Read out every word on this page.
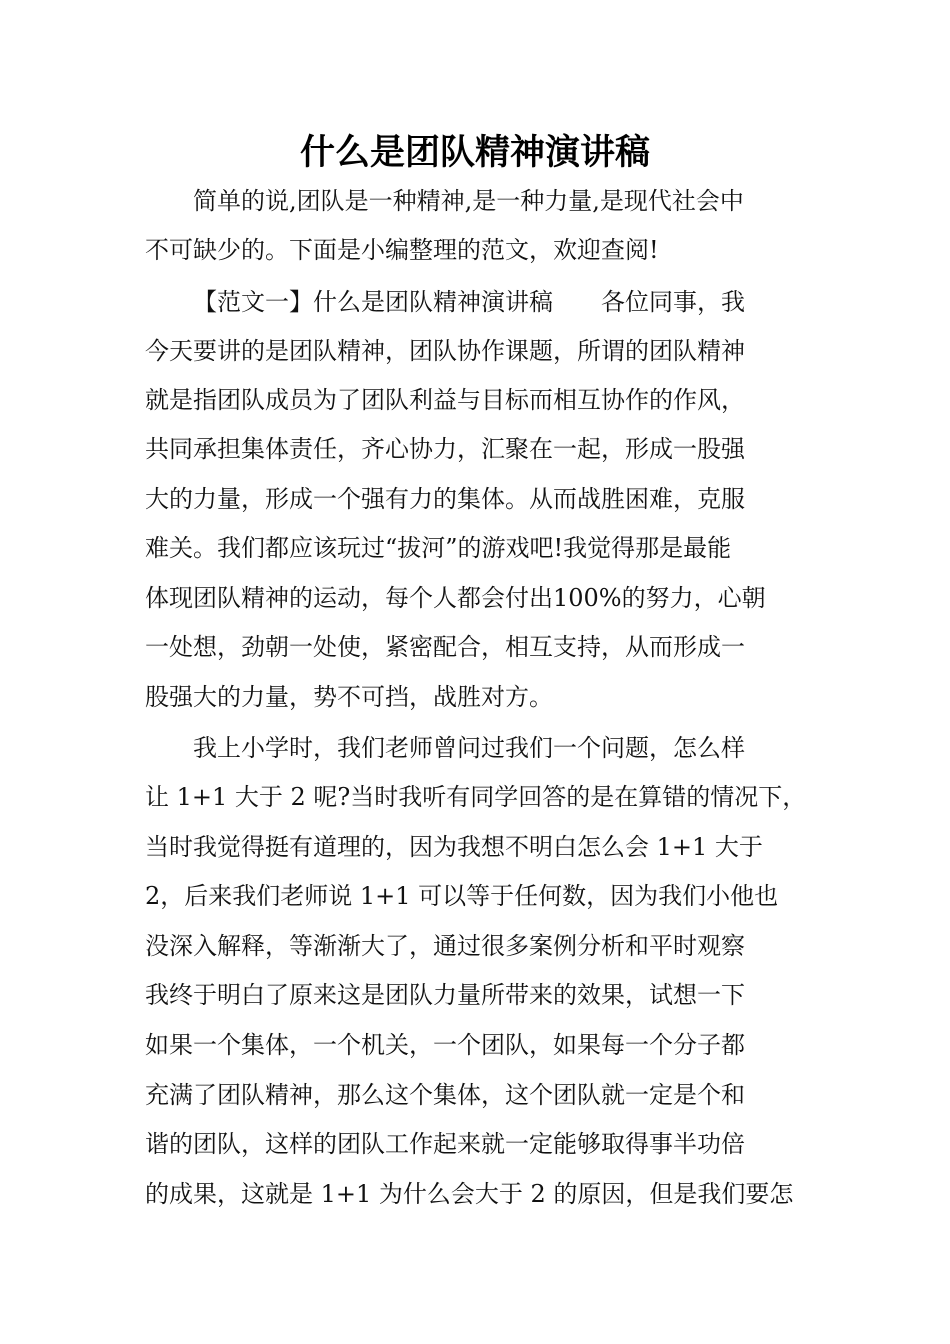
什么是团队精神演讲稿
简单的说,团队是一种精神,是一种力量,是现代社会中
不可缺少的。下面是小编整理的范文，欢迎查阅!
【范文一】什么是团队精神演讲稿　　各位同事，我
今天要讲的是团队精神，团队协作课题，所谓的团队精神
就是指团队成员为了团队利益与目标而相互协作的作风，
共同承担集体责任，齐心协力，汇聚在一起，形成一股强
大的力量，形成一个强有力的集体。从而战胜困难，克服
难关。我们都应该玩过“拔河”的游戏吧!我觉得那是最能
体现团队精神的运动，每个人都会付出100%的努力，心朝
一处想，劲朝一处使，紧密配合，相互支持，从而形成一
股强大的力量，势不可挡，战胜对方。
我上小学时，我们老师曾问过我们一个问题，怎么样
让 1+1 大于 2 呢?当时我听有同学回答的是在算错的情况下，
当时我觉得挺有道理的，因为我想不明白怎么会 1+1 大于
2，后来我们老师说 1+1 可以等于任何数，因为我们小他也
没深入解释，等渐渐大了，通过很多案例分析和平时观察
我终于明白了原来这是团队力量所带来的效果，试想一下
如果一个集体，一个机关，一个团队，如果每一个分子都
充满了团队精神，那么这个集体，这个团队就一定是个和
谐的团队，这样的团队工作起来就一定能够取得事半功倍
的成果，这就是 1+1 为什么会大于 2 的原因，但是我们要怎
